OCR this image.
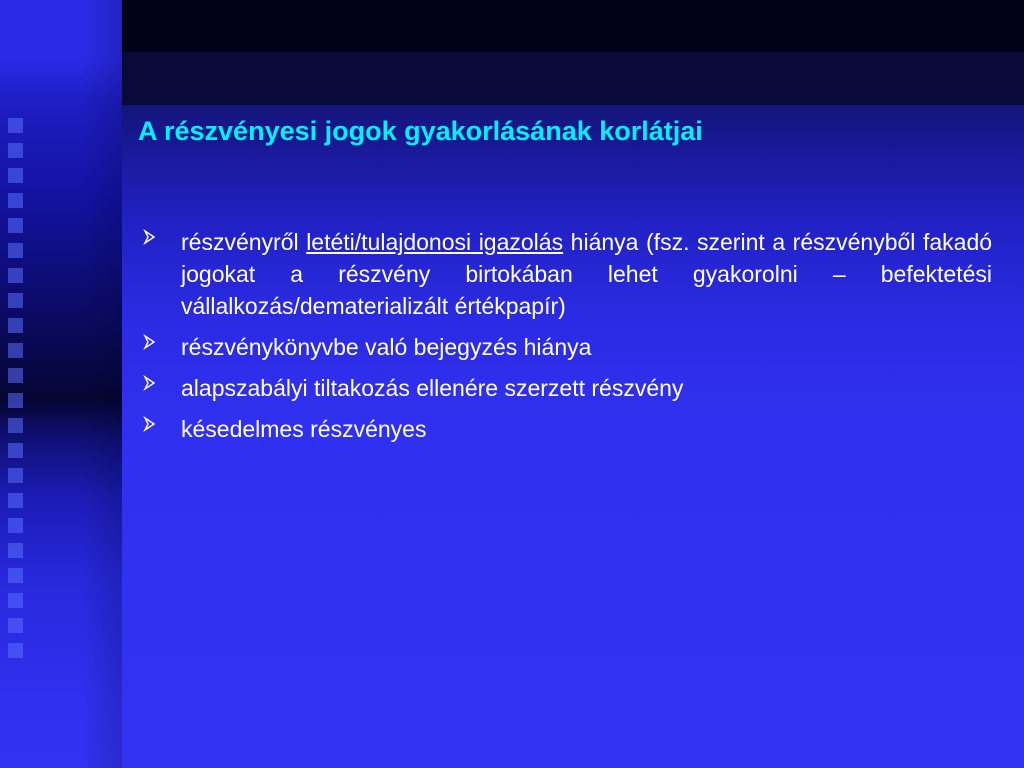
A részvényesi jogok gyakorlásának korlátjai
részvényről letéti/tulajdonosi igazolás hiánya (fsz. szerint a részvényből fakadó jogokat a részvény birtokában lehet gyakorolni – befektetési vállalkozás/dematerializált értékpapír)
részvénykönyvbe való bejegyzés hiánya
alapszabályi tiltakozás ellenére szerzett részvény
késedelmes részvényes
